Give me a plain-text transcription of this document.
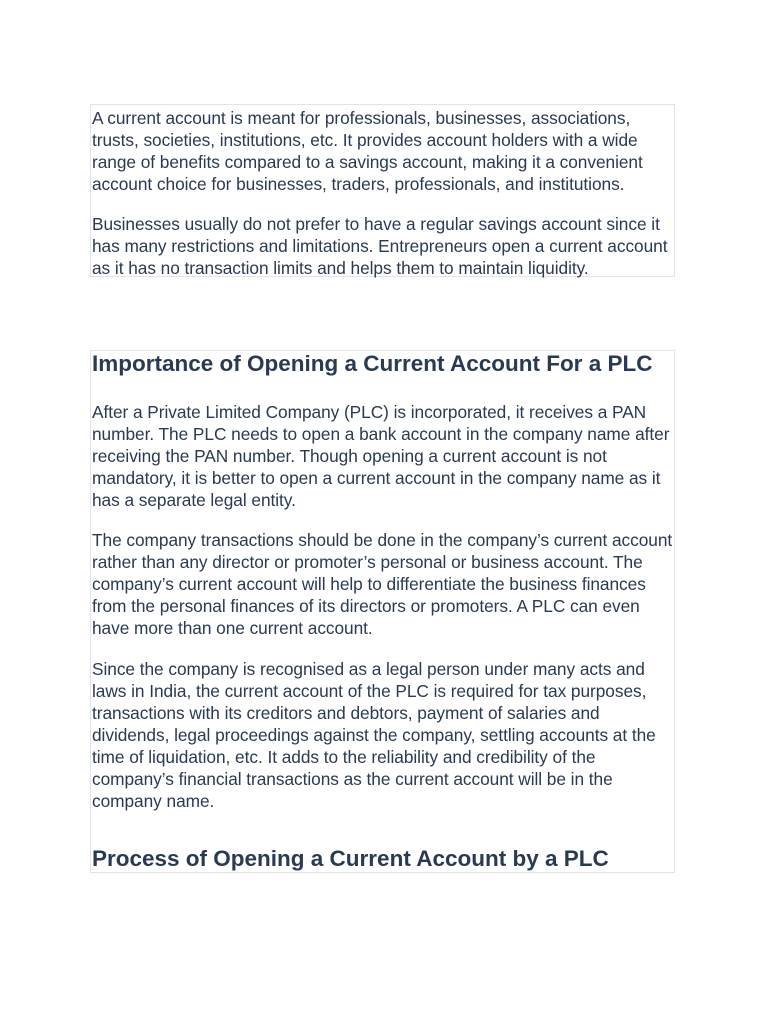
A current account is meant for professionals, businesses, associations, trusts, societies, institutions, etc. It provides account holders with a wide range of benefits compared to a savings account, making it a convenient account choice for businesses, traders, professionals, and institutions.

Businesses usually do not prefer to have a regular savings account since it has many restrictions and limitations. Entrepreneurs open a current account as it has no transaction limits and helps them to maintain liquidity.

Importance of Opening a Current Account For a PLC

After a Private Limited Company (PLC) is incorporated, it receives a PAN number. The PLC needs to open a bank account in the company name after receiving the PAN number. Though opening a current account is not mandatory, it is better to open a current account in the company name as it has a separate legal entity.

The company transactions should be done in the company’s current account rather than any director or promoter’s personal or business account. The company’s current account will help to differentiate the business finances from the personal finances of its directors or promoters. A PLC can even have more than one current account.

Since the company is recognised as a legal person under many acts and laws in India, the current account of the PLC is required for tax purposes, transactions with its creditors and debtors, payment of salaries and dividends, legal proceedings against the company, settling accounts at the time of liquidation, etc. It adds to the reliability and credibility of the company’s financial transactions as the current account will be in the company name.

Process of Opening a Current Account by a PLC
